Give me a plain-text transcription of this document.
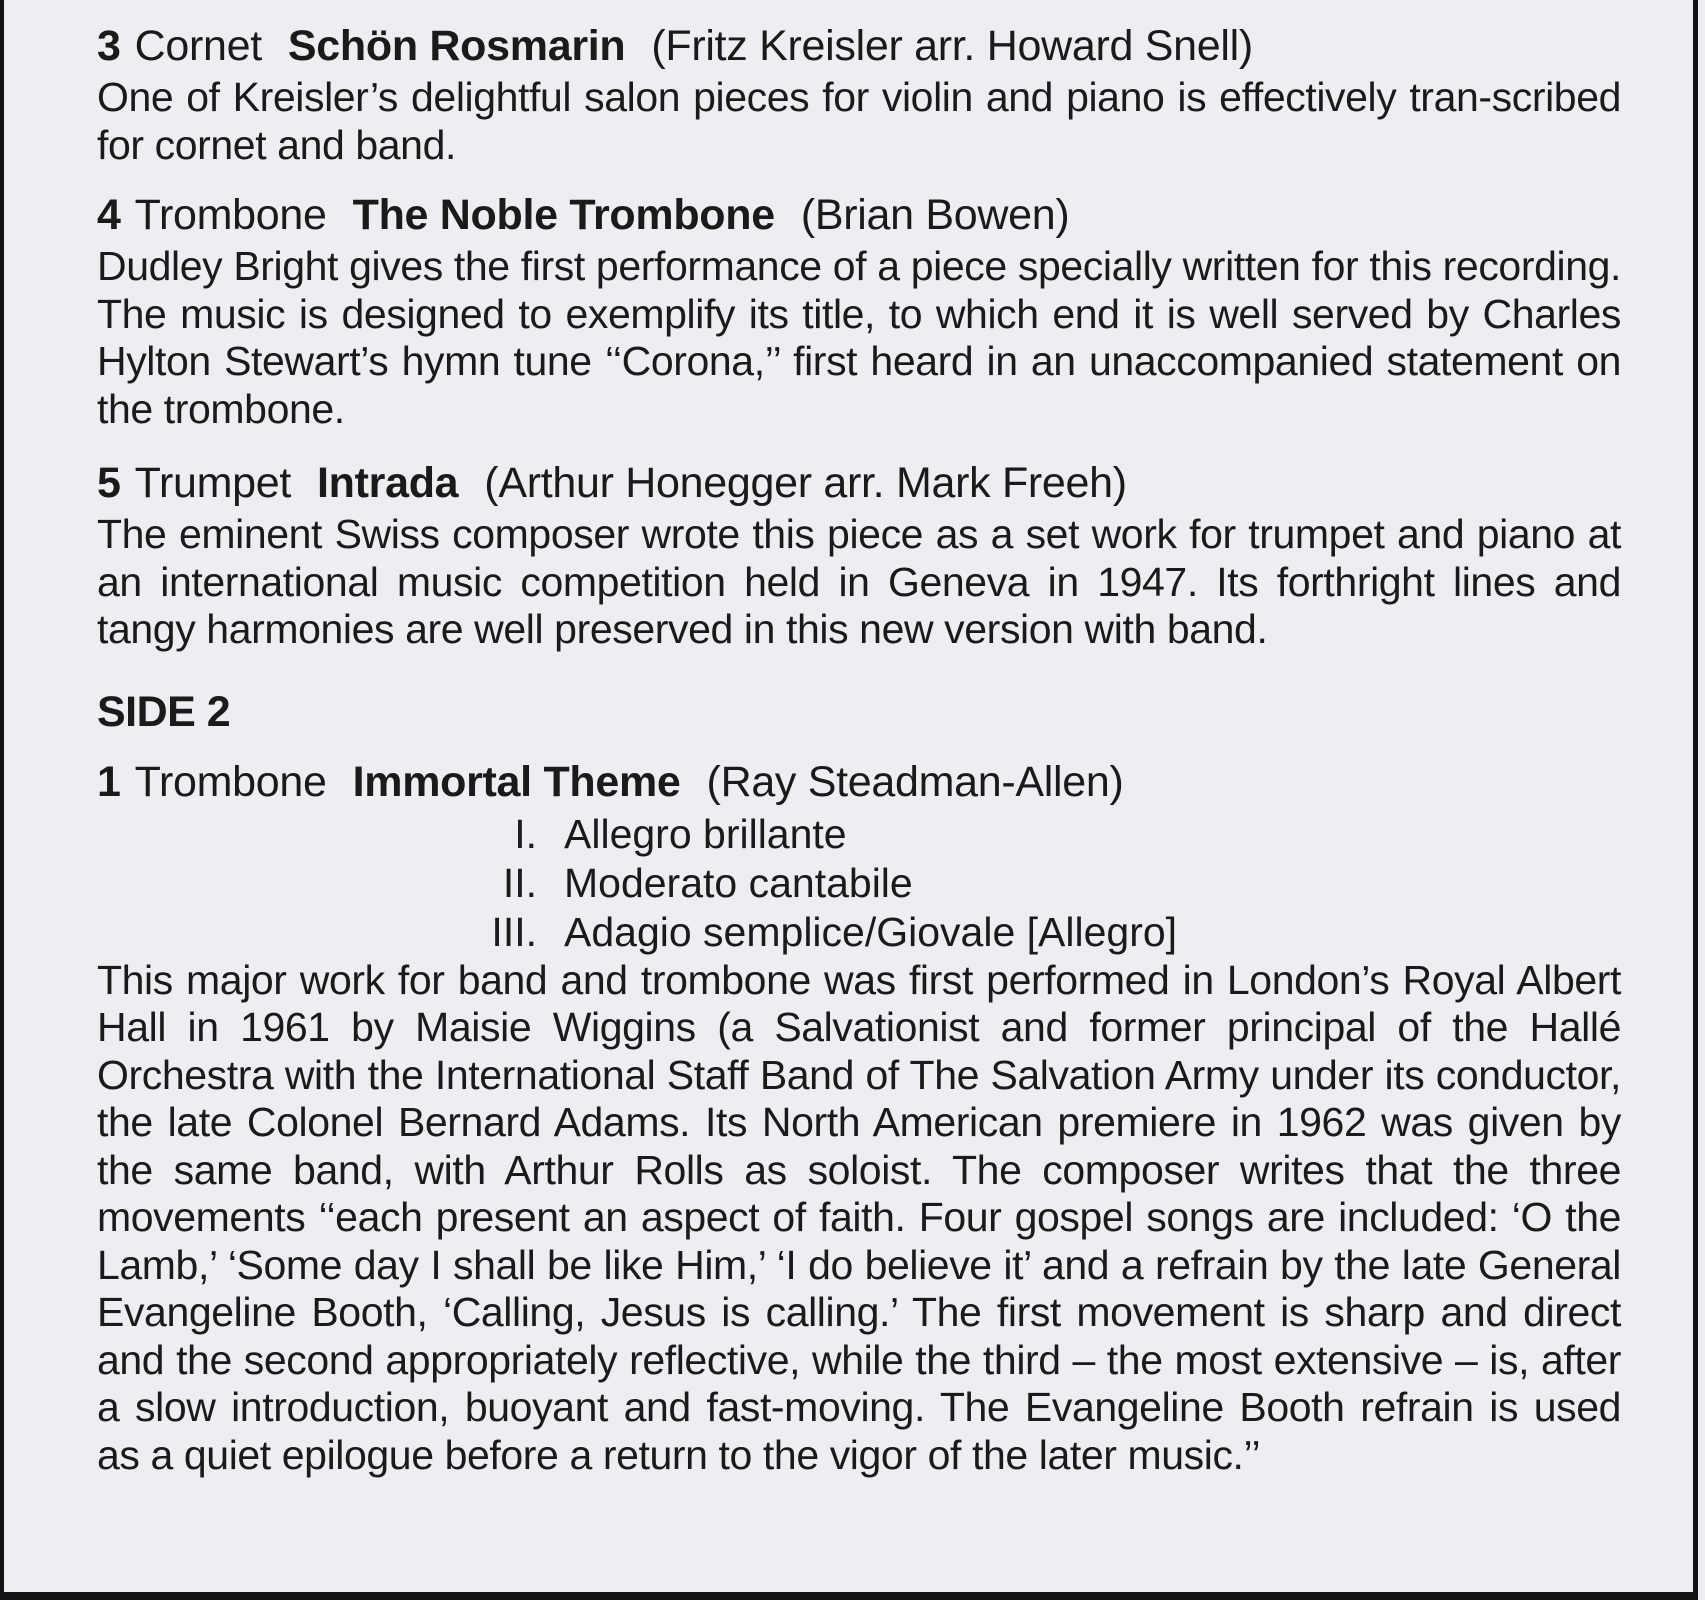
3 Cornet Schön Rosmarin (Fritz Kreisler arr. Howard Snell)

One of Kreisler’s delightful salon pieces for violin and piano is effectively tran-scribed for cornet and band.

4 Trombone The Noble Trombone (Brian Bowen)

Dudley Bright gives the first performance of a piece specially written for this recording. The music is designed to exemplify its title, to which end it is well served by Charles Hylton Stewart’s hymn tune ‘‘Corona,’’ first heard in an unaccompanied statement on the trombone.

5 Trumpet Intrada (Arthur Honegger arr. Mark Freeh)

The eminent Swiss composer wrote this piece as a set work for trumpet and piano at an international music competition held in Geneva in 1947. Its forthright lines and tangy harmonies are well preserved in this new version with band.

SIDE 2

1 Trombone Immortal Theme (Ray Steadman-Allen)

I. Allegro brillante
II. Moderato cantabile
III. Adagio semplice/Giovale [Allegro]

This major work for band and trombone was first performed in London’s Royal Albert Hall in 1961 by Maisie Wiggins (a Salvationist and former principal of the Hallé Orchestra with the International Staff Band of The Salvation Army under its conductor, the late Colonel Bernard Adams. Its North American premiere in 1962 was given by the same band, with Arthur Rolls as soloist. The composer writes that the three movements ‘‘each present an aspect of faith. Four gospel songs are included: ‘O the Lamb,’ ‘Some day I shall be like Him,’ ‘I do believe it’ and a refrain by the late General Evangeline Booth, ‘Calling, Jesus is calling.’ The first movement is sharp and direct and the second appropriately reflective, while the third – the most extensive – is, after a slow introduction, buoyant and fast-moving. The Evangeline Booth refrain is used as a quiet epilogue before a return to the vigor of the later music.’’
